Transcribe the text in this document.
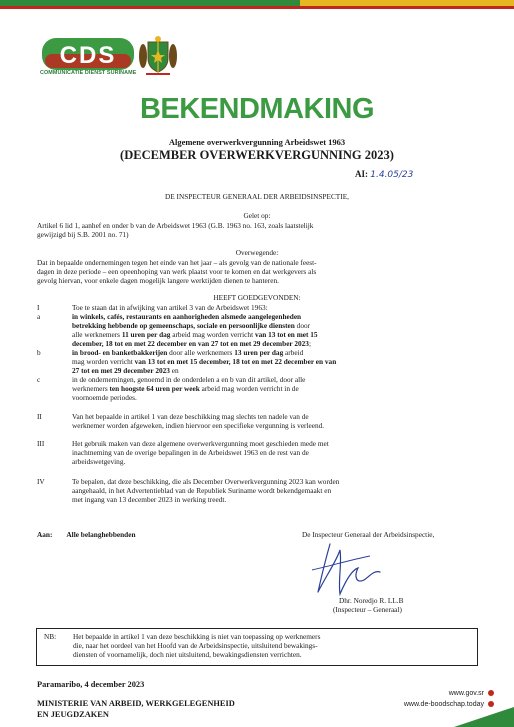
CDS
COMMUNICATIE DIENST SURINAME
BEKENDMAKING
Algemene overwerkvergunning Arbeidswet 1963
(DECEMBER OVERWERKVERGUNNING 2023)
AI: 1.4.05/23
DE INSPECTEUR GENERAAL DER ARBEIDSINSPECTIE,
Gelet op:
Artikel 6 lid 1, aanhef en onder b van de Arbeidswet 1963 (G.B. 1963 no. 163, zoals laatstelijk
gewijzigd bij S.B. 2001 no. 71)
Overwegende:
Dat in bepaalde ondernemingen tegen het einde van het jaar – als gevolg van de nationale feest-
dagen in deze periode – een opeenhoping van werk plaatst voor te komen en dat werkgevers als
gevolg hiervan, voor enkele dagen mogelijk langere werktijden dienen te hanteren.
HEEFT GOEDGEVONDEN:
I	Toe te staan dat in afwijking van artikel 3 van de Arbeidswet 1963:
a	in winkels, cafés, restaurants en aanhorigheden alsmede aangelegenheden
betrekking hebbende op gemeenschaps, sociale en persoonlijke diensten door
alle werknemers 11 uren per dag arbeid mag worden verricht van 13 tot en met 15
december, 18 tot en met 22 december en van 27 tot en met 29 december 2023;
b	in brood- en banketbakkerijen door alle werknemers 13 uren per dag arbeid
mag worden verricht van 13 tot en met 15 december, 18 tot en met 22 december en van
27 tot en met 29 december 2023 en
c	in de ondernemingen, genoemd in de onderdelen a en b van dit artikel, door alle
werknemers ten hoogste 64 uren per week arbeid mag worden verricht in de
voornoemde periodes.
II	Van het bepaalde in artikel 1 van deze beschikking mag slechts ten nadele van de
werknemer worden afgeweken, indien hiervoor een specifieke vergunning is verleend.
III	Het gebruik maken van deze algemene overwerkvergunning moet geschieden mede met
inachtneming van de overige bepalingen in de Arbeidswet 1963 en de rest van de
arbeidswetgeving.
IV	Te bepalen, dat deze beschikking, die als December Overwerkvergunning 2023 kan worden
aangehaald, in het Advertentieblad van de Republiek Suriname wordt bekendgemaakt en
met ingang van 13 december 2023 in werking treedt.
Aan: Alle belanghebbenden	De Inspecteur Generaal der Arbeidsinspectie,
Dhr. Noredjo R. LL.B
(Inspecteur – Generaal)
NB: Het bepaalde in artikel 1 van deze beschikking is niet van toepassing op werknemers
die, naar het oordeel van het Hoofd van de Arbeidsinspectie, uitsluitend bewakings-
diensten of voornamelijk, doch niet uitsluitend, bewakingsdiensten verrichten.
Paramaribo, 4 december 2023
MINISTERIE VAN ARBEID, WERKGELEGENHEID
EN JEUGDZAKEN
www.gov.sr
www.de-boodschap.today
